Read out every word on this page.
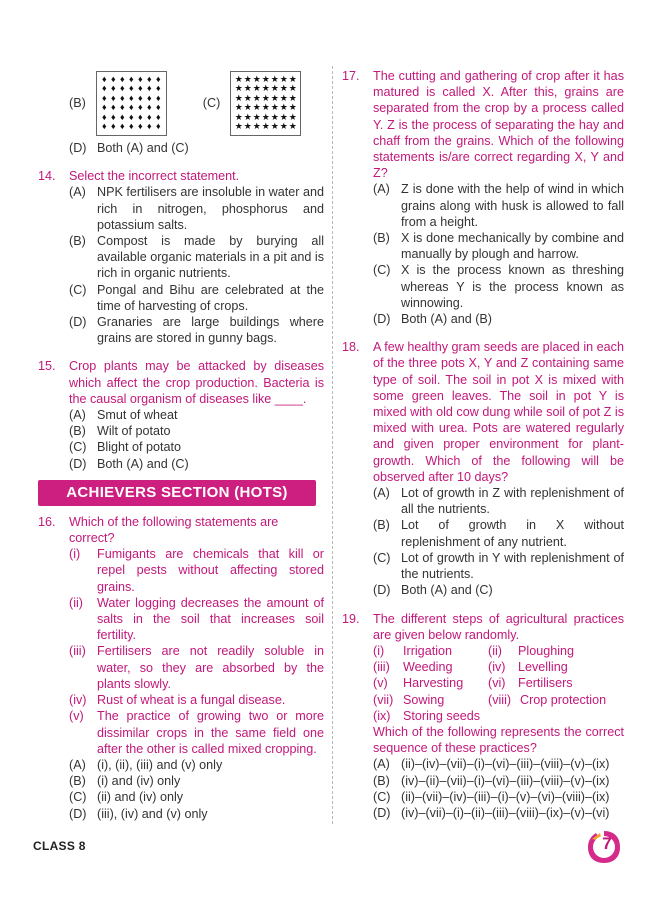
(B)
♦ ♦ ♦ ♦ ♦ ♦ ♦
♦ ♦ ♦ ♦ ♦ ♦ ♦
♦ ♦ ♦ ♦ ♦ ♦ ♦
♦ ♦ ♦ ♦ ♦ ♦ ♦
♦ ♦ ♦ ♦ ♦ ♦ ♦
♦ ♦ ♦ ♦ ♦ ♦ ♦
(C)
★ ★ ★ ★ ★ ★ ★
★ ★ ★ ★ ★ ★ ★
★ ★ ★ ★ ★ ★ ★
★ ★ ★ ★ ★ ★ ★
★ ★ ★ ★ ★ ★ ★
★ ★ ★ ★ ★ ★ ★
(D) Both (A) and (C)
14.	Select the incorrect statement.
(A) NPK fertilisers are insoluble in water and rich in nitrogen, phosphorus and potassium salts.
(B) Compost is made by burying all available organic materials in a pit and is rich in organic nutrients.
(C) Pongal and Bihu are celebrated at the time of harvesting of crops.
(D) Granaries are large buildings where grains are stored in gunny bags.
15.	Crop plants may be attacked by diseases which affect the crop production. Bacteria is the causal organism of diseases like ____.
(A) Smut of wheat
(B) Wilt of potato
(C) Blight of potato
(D) Both (A) and (C)
ACHIEVERS SECTION (HOTS)
16.	Which of the following statements are correct?
(i)	Fumigants are chemicals that kill or repel pests without affecting stored grains.
(ii)	Water logging decreases the amount of salts in the soil that increases soil fertility.
(iii) Fertilisers are not readily soluble in water, so they are absorbed by the plants slowly.
(iv) Rust of wheat is a fungal disease.
(v)	The practice of growing two or more dissimilar crops in the same field one after the other is called mixed cropping.
(A) (i), (ii), (iii) and (v) only
(B) (i) and (iv) only
(C) (ii) and (iv) only
(D) (iii), (iv) and (v) only
17.	The cutting and gathering of crop after it has matured is called X. After this, grains are separated from the crop by a process called Y. Z is the process of separating the hay and chaff from the grains. Which of the following statements is/are correct regarding X, Y and Z?
(A) Z is done with the help of wind in which grains along with husk is allowed to fall from a height.
(B) X is done mechanically by combine and manually by plough and harrow.
(C) X is the process known as threshing whereas Y is the process known as winnowing.
(D) Both (A) and (B)
18.	A few healthy gram seeds are placed in each of the three pots X, Y and Z containing same type of soil. The soil in pot X is mixed with some green leaves. The soil in pot Y is mixed with old cow dung while soil of pot Z is mixed with urea. Pots are watered regularly and given proper environment for plant-growth. Which of the following will be observed after 10 days?
(A) Lot of growth in Z with replenishment of all the nutrients.
(B) Lot of growth in X without replenishment of any nutrient.
(C) Lot of growth in Y with replenishment of the nutrients.
(D) Both (A) and (C)
19.	The different steps of agricultural practices are given below randomly.
(i)	Irrigation	(ii)	Ploughing
(iii)	Weeding	(iv) Levelling
(v)	Harvesting (vi) Fertilisers
(vii) Sowing	(viii) Crop protection
(ix) Storing seeds
Which of the following represents the correct sequence of these practices?
(A) (ii)–(iv)–(vii)–(i)–(vi)–(iii)–(viii)–(v)–(ix)
(B) (iv)–(ii)–(vii)–(i)–(vi)–(iii)–(viii)–(v)–(ix)
(C) (ii)–(vii)–(iv)–(iii)–(i)–(v)–(vi)–(viii)–(ix)
(D) (iv)–(vii)–(i)–(ii)–(iii)–(viii)–(ix)–(v)–(vi)
CLASS 8	7
